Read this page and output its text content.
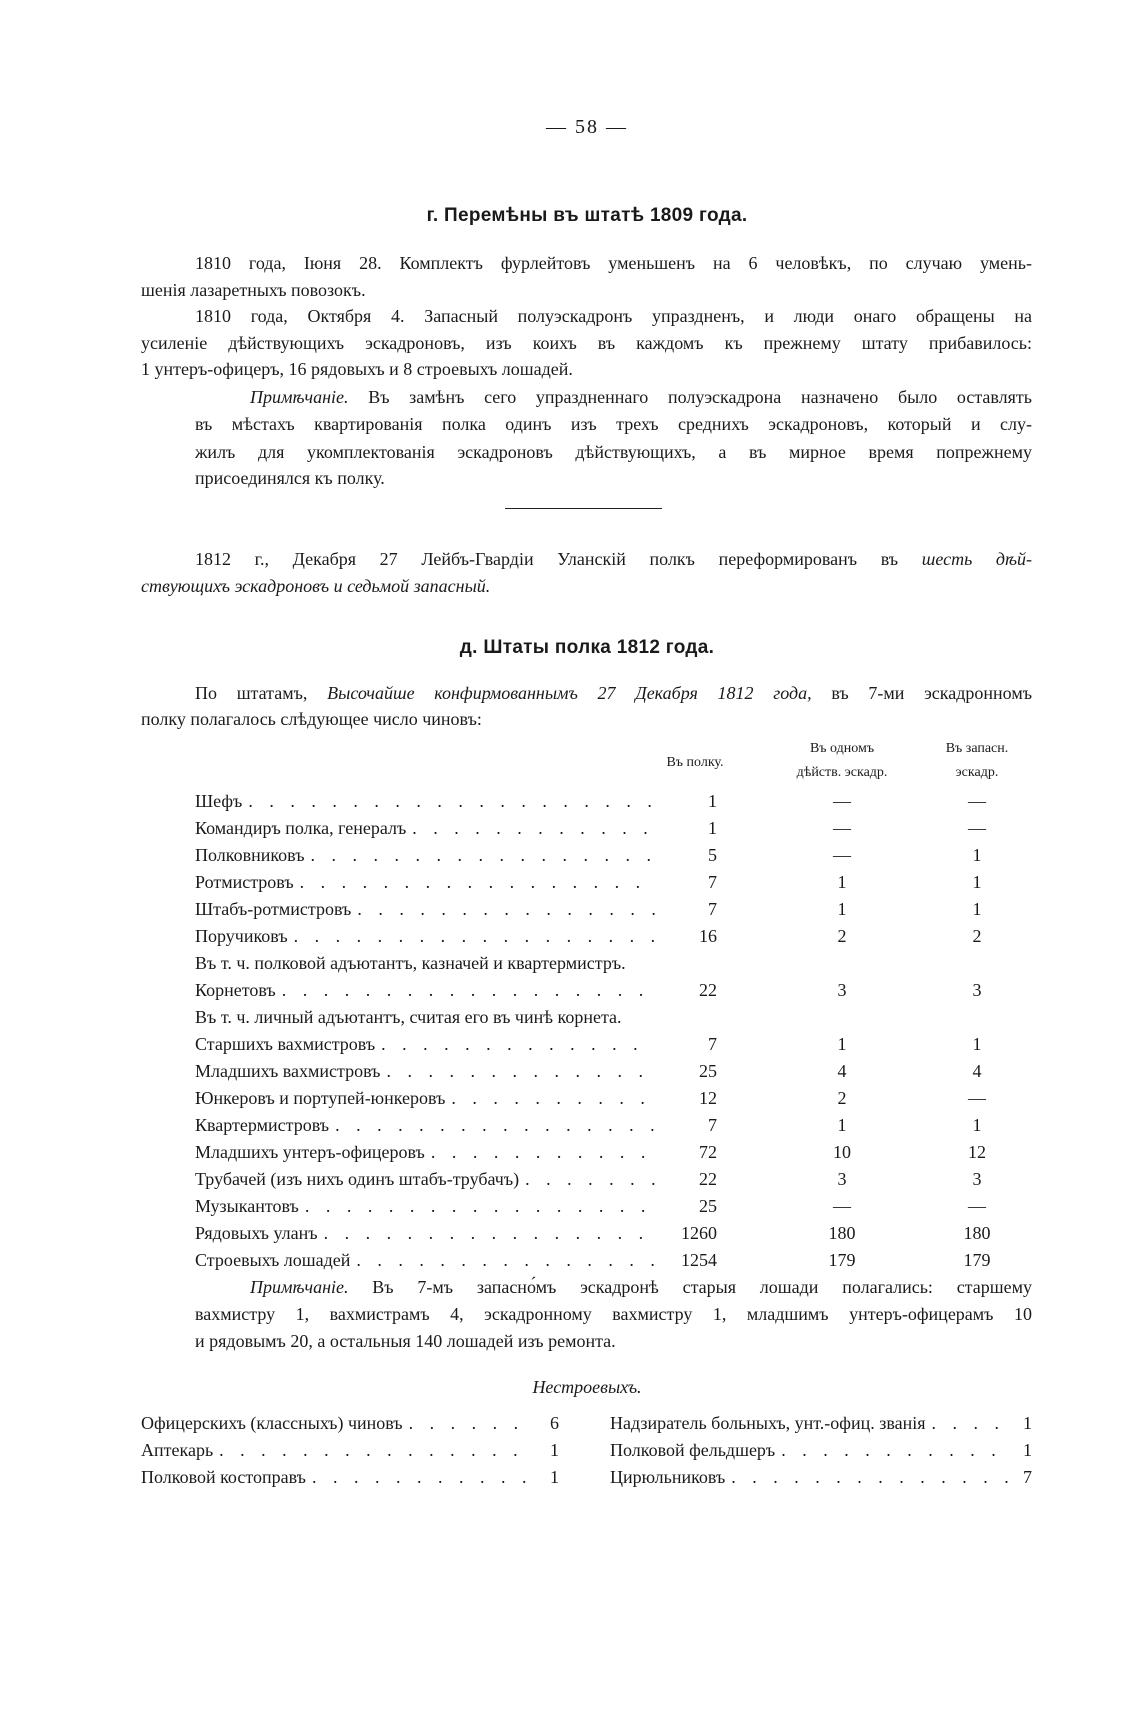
— 58 —
г. Перемѣны въ штатѣ 1809 года.
1810 года, Іюня 28. Комплектъ фурлейтовъ уменьшенъ на 6 человѣкъ, по случаю умень-
шенія лазаретныхъ повозокъ.
1810 года, Октября 4. Запасный полуэскадронъ упраздненъ, и люди онаго обращены на
усиленіе дѣйствующихъ эскадроновъ, изъ коихъ въ каждомъ къ прежнему штату прибавилось:
1 унтеръ-офицеръ, 16 рядовыхъ и 8 строевыхъ лошадей.
Примѣчаніе. Въ замѣнъ сего упраздненнаго полуэскадрона назначено было оставлять
въ мѣстахъ квартированія полка одинъ изъ трехъ среднихъ эскадроновъ, который и слу-
жилъ для укомплектованія эскадроновъ дѣйствующихъ, а въ мирное время попрежнему
присоединялся къ полку.
1812 г., Декабря 27 Лейбъ-Гвардіи Уланскій полкъ переформированъ въ шесть дѣй-
ствующихъ эскадроновъ и седьмой запасный.
д. Штаты полка 1812 года.
По штатамъ, Высочайше конфирмованнымъ 27 Декабря 1812 года, въ 7-ми эскадронномъ
полку полагалось слѣдующее число чиновъ:
Въ полку.
Въ одномъ
дѣйств. эскадр.
Въ запасн.
эскадр.
Шефъ . . .	1	—	—
Командиръ полка, генералъ . . .	1	—	—
Полковниковъ . . .	5	—	1
Ротмистровъ . . .	7	1	1
Штабъ-ротмистровъ . . .	7	1	1
Поручиковъ . . .	16	2	2
Въ т. ч. полковой адъютантъ, казначей и квартермистръ.
Корнетовъ . . .	22	3	3
Въ т. ч. личный адъютантъ, считая его въ чинѣ корнета.
Старшихъ вахмистровъ . . .	7	1	1
Младшихъ вахмистровъ . . .	25	4	4
Юнкеровъ и портупей-юнкеровъ . . .	12	2	—
Квартермистровъ . . .	7	1	1
Младшихъ унтеръ-офицеровъ . . .	72	10	12
Трубачей (изъ нихъ одинъ штабъ-трубачъ) . . .	22	3	3
Музыкантовъ . . .	25	—	—
Рядовыхъ уланъ . . .	1260	180	180
Строевыхъ лошадей . . .	1254	179	179
Примѣчаніе. Въ 7-мъ запасно́мъ эскадронѣ старыя лошади полагались: старшему
вахмистру 1, вахмистрамъ 4, эскадронному вахмистру 1, младшимъ унтеръ-офицерамъ 10
и рядовымъ 20, а остальныя 140 лошадей изъ ремонта.
Нестроевыхъ.
Офицерскихъ (классныхъ) чиновъ . . .	6
Аптекарь . . .	1
Полковой костоправъ . . .	1
Надзиратель больныхъ, унт.-офиц. званія . . .	1
Полковой фельдшеръ . . .	1
Цирюльниковъ . . .	7
